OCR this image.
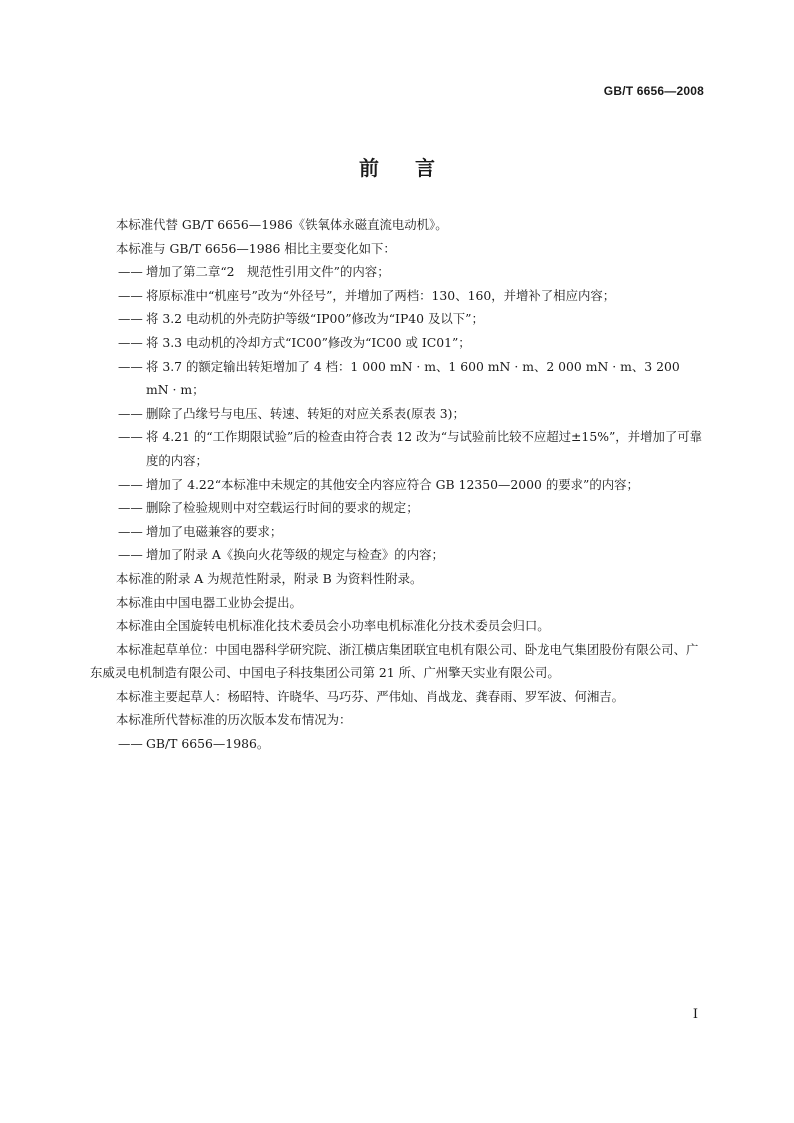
GB/T 6656—2008
前言
本标准代替 GB/T 6656—1986《铁氧体永磁直流电动机》。
本标准与 GB/T 6656—1986 相比主要变化如下：
—— 增加了第二章“2　规范性引用文件”的内容；
—— 将原标准中“机座号”改为“外径号”，并增加了两档：130、160，并增补了相应内容；
—— 将 3.2 电动机的外壳防护等级“IP00”修改为“IP40 及以下”；
—— 将 3.3 电动机的冷却方式“IC00”修改为“IC00 或 IC01”；
—— 将 3.7 的额定输出转矩增加了 4 档：1 000 mN · m、1 600 mN · m、2 000 mN · m、3 200 mN · m；
—— 删除了凸缘号与电压、转速、转矩的对应关系表(原表 3)；
—— 将 4.21 的“工作期限试验”后的检查由符合表 12 改为“与试验前比较不应超过±15%”，并增加了可靠度的内容；
—— 增加了 4.22“本标准中未规定的其他安全内容应符合 GB 12350—2000 的要求”的内容；
—— 删除了检验规则中对空载运行时间的要求的规定；
—— 增加了电磁兼容的要求；
—— 增加了附录 A《换向火花等级的规定与检查》的内容；
本标准的附录 A 为规范性附录，附录 B 为资料性附录。
本标准由中国电器工业协会提出。
本标准由全国旋转电机标准化技术委员会小功率电机标准化分技术委员会归口。
本标准起草单位：中国电器科学研究院、浙江横店集团联宜电机有限公司、卧龙电气集团股份有限公司、广东威灵电机制造有限公司、中国电子科技集团公司第 21 所、广州擎天实业有限公司。
本标准主要起草人：杨昭特、许晓华、马巧芬、严伟灿、肖战龙、龚春雨、罗军波、何湘吉。
本标准所代替标准的历次版本发布情况为：
—— GB/T 6656—1986。
I
